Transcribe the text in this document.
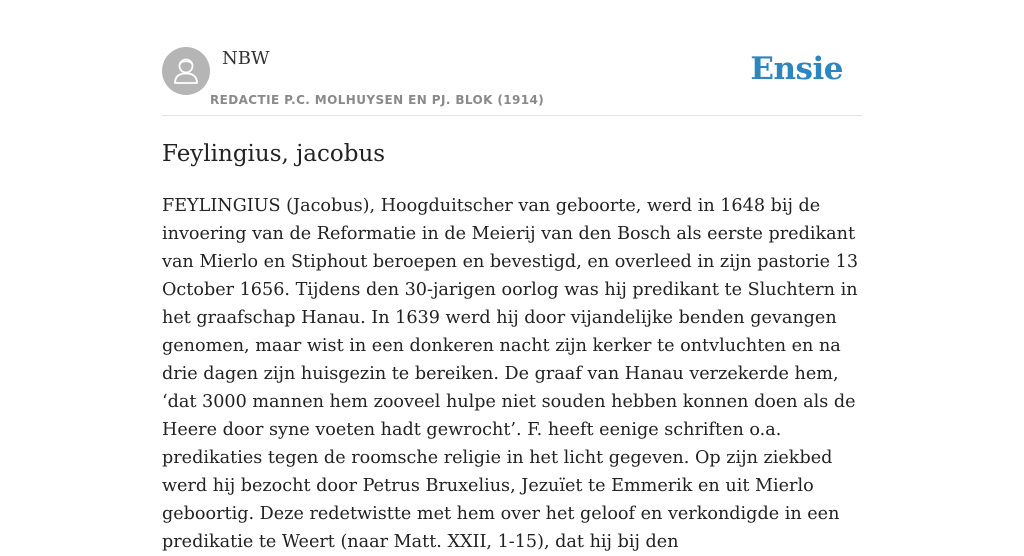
NBW
REDACTIE P.C. MOLHUYSEN EN PJ. BLOK (1914)
Ensie
Feylingius, jacobus

FEYLINGIUS (Jacobus), Hoogduitscher van geboorte, werd in 1648 bij de invoering van de Reformatie in de Meierij van den Bosch als eerste predikant van Mierlo en Stiphout beroepen en bevestigd, en overleed in zijn pastorie 13 October 1656. Tijdens den 30-jarigen oorlog was hij predikant te Sluchtern in het graafschap Hanau. In 1639 werd hij door vijandelijke benden gevangen genomen, maar wist in een donkeren nacht zijn kerker te ontvluchten en na drie dagen zijn huisgezin te bereiken. De graaf van Hanau verzekerde hem, ‘dat 3000 mannen hem zooveel hulpe niet souden hebben konnen doen als de Heere door syne voeten hadt gewrocht’. F. heeft eenige schriften o.a. predikaties tegen de roomsche religie in het licht gegeven. Op zijn ziekbed werd hij bezocht door Petrus Bruxelius, Jezuïet te Emmerik en uit Mierlo geboortig. Deze redetwistte met hem over het geloof en verkondigde in een predikatie te Weert (naar Matt. XXII, 1-15), dat hij bij den
